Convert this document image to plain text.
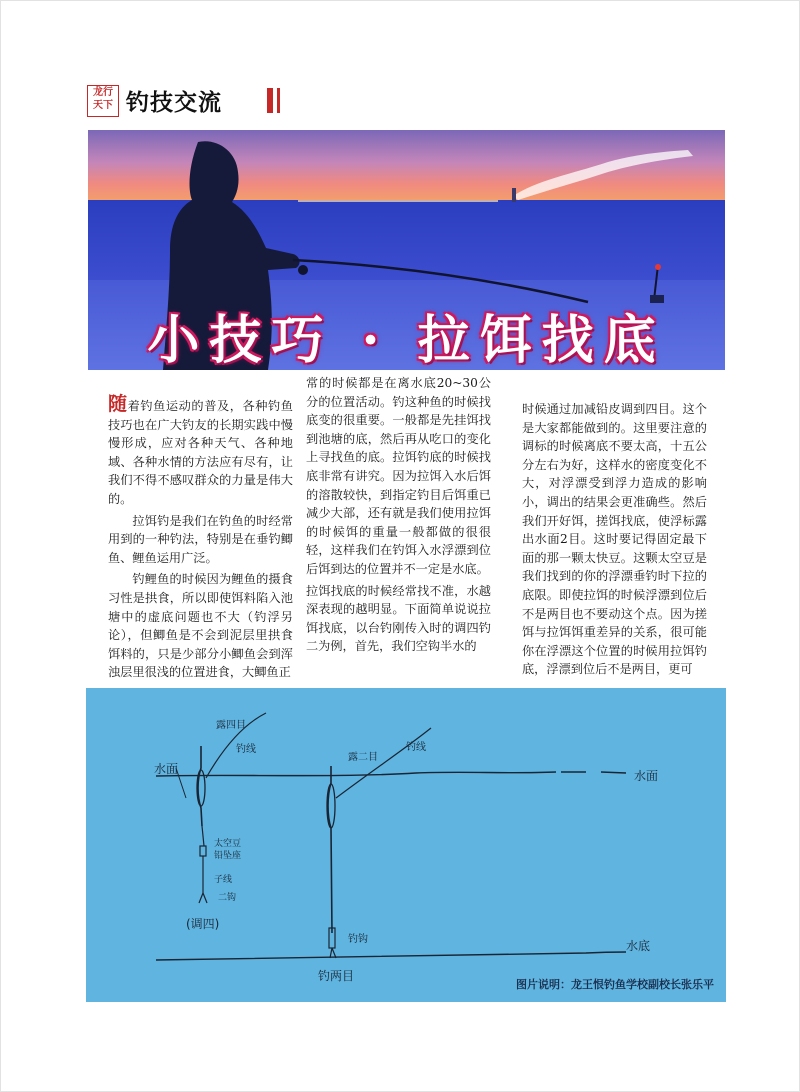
龙行
天下 钓技交流
小技巧 · 拉饵找底

随着钓鱼运动的普及，各种钓鱼技巧也在广大钓友的长期实践中慢慢形成，应对各种天气、各种地域、各种水情的方法应有尽有，让我们不得不感叹群众的力量是伟大的。

拉饵钓是我们在钓鱼的时经常用到的一种钓法，特别是在垂钓鲫鱼、鲤鱼运用广泛。

钓鲤鱼的时候因为鲤鱼的摄食习性是拱食，所以即使饵料陷入池塘中的虚底问题也不大（钓浮另论），但鲫鱼是不会到泥层里拱食饵料的，只是少部分小鲫鱼会到浑浊层里很浅的位置进食，大鲫鱼正

常的时候都是在离水底20~30公分的位置活动。钓这种鱼的时候找底变的很重要。一般都是先挂饵找到池塘的底，然后再从吃口的变化上寻找鱼的底。拉饵钓底的时候找底非常有讲究。因为拉饵入水后饵的溶散较快，到指定钓目后饵重已减少大部，还有就是我们使用拉饵的时候饵的重量一般都做的很很轻，这样我们在钓饵入水浮漂到位后饵到达的位置并不一定是水底。

拉饵找底的时候经常找不准，水越深表现的越明显。下面简单说说拉饵找底，以台钓刚传入时的调四钓二为例，首先，我们空钩半水的

时候通过加减铅皮调到四目。这个是大家都能做到的。这里要注意的调标的时候离底不要太高，十五公分左右为好，这样水的密度变化不大，对浮漂受到浮力造成的影响小，调出的结果会更准确些。然后我们开好饵，搓饵找底，使浮标露出水面2目。这时要记得固定最下面的那一颗太快豆。这颗太空豆是我们找到的你的浮漂垂钓时下拉的底限。即使拉饵的时候浮漂到位后不是两目也不要动这个点。因为搓饵与拉饵饵重差异的关系，很可能你在浮漂这个位置的时候用拉饵钓底，浮漂到位后不是两目，更可

水面
露四目
钓线
太空豆
铅坠座
子线
二钩
(调四)
露二目
钓线
水面
钓钩	水底
钓两目
图片说明：龙王恨钓鱼学校副校长张乐平
